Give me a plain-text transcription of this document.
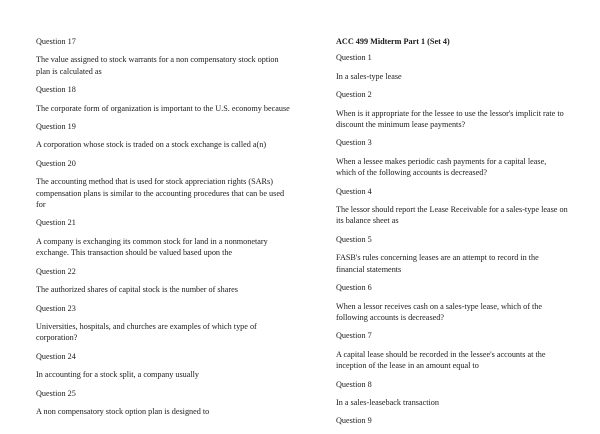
Question 17

The value assigned to stock warrants for a non compensatory stock option plan is calculated as

Question 18

The corporate form of organization is important to the U.S. economy because

Question 19

A corporation whose stock is traded on a stock exchange is called a(n)

Question 20

The accounting method that is used for stock appreciation rights (SARs) compensation plans is similar to the accounting procedures that can be used for

Question 21

A company is exchanging its common stock for land in a nonmonetary exchange. This transaction should be valued based upon the

Question 22

The authorized shares of capital stock is the number of shares

Question 23

Universities, hospitals, and churches are examples of which type of corporation?

Question 24

In accounting for a stock split, a company usually

Question 25

A non compensatory stock option plan is designed to

ACC 499 Midterm Part 1 (Set 4)

Question 1

In a sales-type lease

Question 2

When is it appropriate for the lessee to use the lessor's implicit rate to discount the minimum lease payments?

Question 3

When a lessee makes periodic cash payments for a capital lease, which of the following accounts is decreased?

Question 4

The lessor should report the Lease Receivable for a sales-type lease on its balance sheet as

Question 5

FASB's rules concerning leases are an attempt to record in the financial statements

Question 6

When a lessor receives cash on a sales-type lease, which of the following accounts is decreased?

Question 7

A capital lease should be recorded in the lessee's accounts at the inception of the lease in an amount equal to

Question 8

In a sales-leaseback transaction

Question 9
